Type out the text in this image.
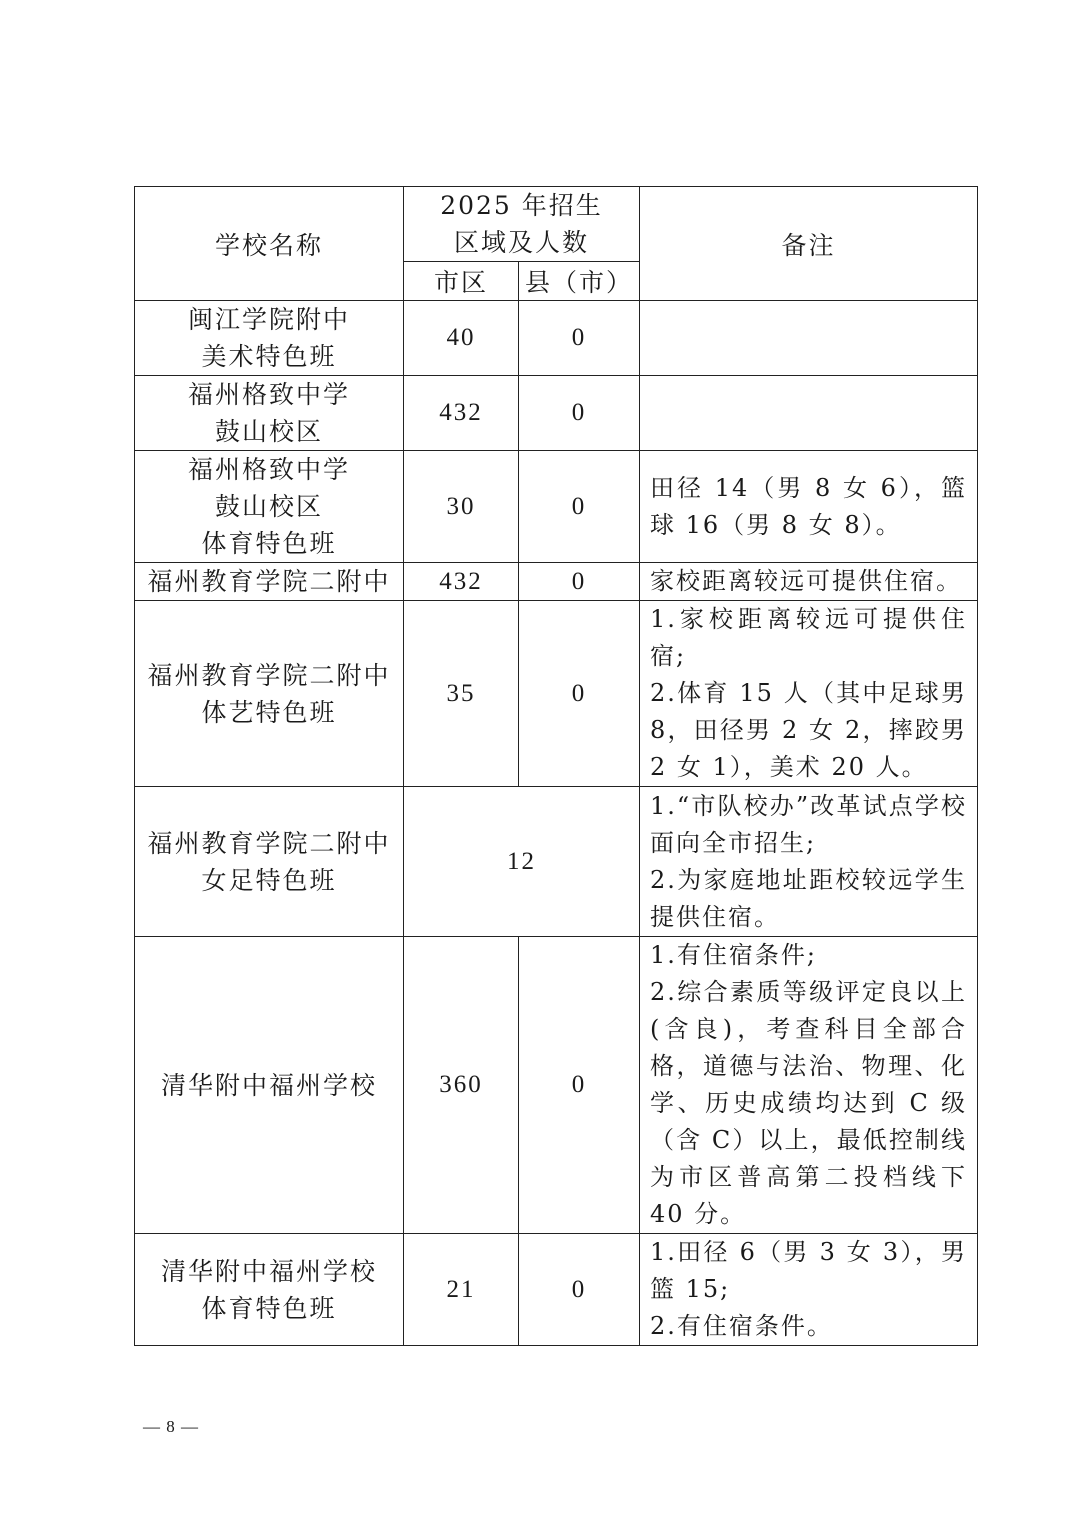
学校名称	2025 年招生区域及人数		备注
	市区	县（市）	
闽江学院附中
美术特色班	40	0	
福州格致中学
鼓山校区	432	0	
福州格致中学
鼓山校区
体育特色班	30	0	田径 14（男 8 女 6），篮球 16（男 8 女 8）。
福州教育学院二附中	432	0	家校距离较远可提供住宿。
福州教育学院二附中
体艺特色班	35	0	1.家校距离较远可提供住宿;
2.体育 15 人（其中足球男 8，田径男 2 女 2，摔跤男 2 女 1），美术 20 人。
福州教育学院二附中
女足特色班	12		1.“市队校办”改革试点学校面向全市招生;
2.为家庭地址距校较远学生提供住宿。
清华附中福州学校	360	0	1.有住宿条件;
2.综合素质等级评定良以上(含良)，考查科目全部合格，道德与法治、物理、化学、历史成绩均达到 C 级（含 C）以上，最低控制线为市区普高第二投档线下 40 分。
清华附中福州学校
体育特色班	21	0	1.田径 6（男 3 女 3），男篮 15;
2.有住宿条件。
— 8 —
